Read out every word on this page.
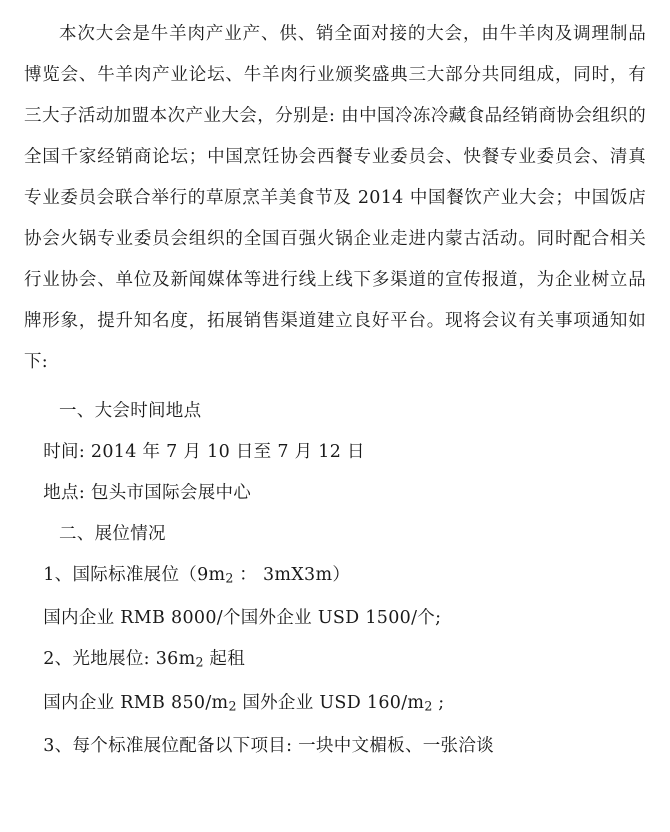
本次大会是牛羊肉产业产、供、销全面对接的大会，由牛羊肉及调理制品博览会、牛羊肉产业论坛、牛羊肉行业颁奖盛典三大部分共同组成，同时，有三大子活动加盟本次产业大会，分别是: 由中国冷冻冷藏食品经销商协会组织的全国千家经销商论坛；中国烹饪协会西餐专业委员会、快餐专业委员会、清真专业委员会联合举行的草原烹羊美食节及 2014 中国餐饮产业大会；中国饭店协会火锅专业委员会组织的全国百强火锅企业走进内蒙古活动。同时配合相关行业协会、单位及新闻媒体等进行线上线下多渠道的宣传报道，为企业树立品牌形象，提升知名度，拓展销售渠道建立良好平台。现将会议有关事项通知如下:

一、大会时间地点

时间: 2014 年 7 月 10 日至 7 月 12 日

地点: 包头市国际会展中心

二、展位情况

1、国际标准展位（9m2 ： 3mX3m）

国内企业 RMB 8000/个国外企业 USD 1500/个;

2、光地展位: 36m2 起租

国内企业 RMB 850/m2 国外企业 USD 160/m2 ;

3、每个标准展位配备以下项目: 一块中文楣板、一张洽谈
